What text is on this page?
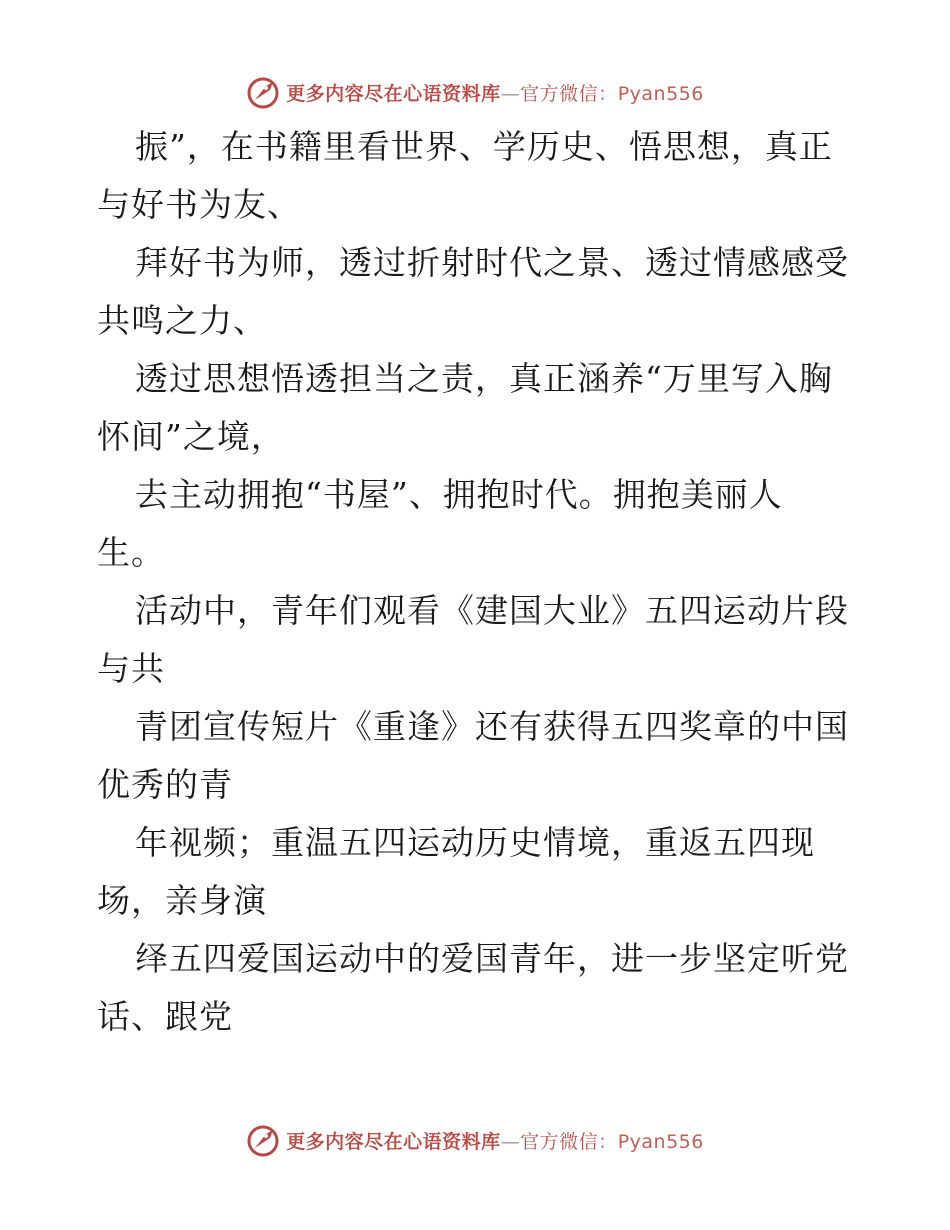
更多内容尽在心语资料库—官方微信：Pyan556
振”，在书籍里看世界、学历史、悟思想，真正
与好书为友、
拜好书为师，透过折射时代之景、透过情感感受
共鸣之力、
透过思想悟透担当之责，真正涵养“万里写入胸
怀间”之境，
去主动拥抱“书屋”、拥抱时代。拥抱美丽人
生。
活动中，青年们观看《建国大业》五四运动片段
与共
青团宣传短片《重逢》还有获得五四奖章的中国
优秀的青
年视频；重温五四运动历史情境，重返五四现
场，亲身演
绎五四爱国运动中的爱国青年，进一步坚定听党
话、跟党
更多内容尽在心语资料库—官方微信：Pyan556
